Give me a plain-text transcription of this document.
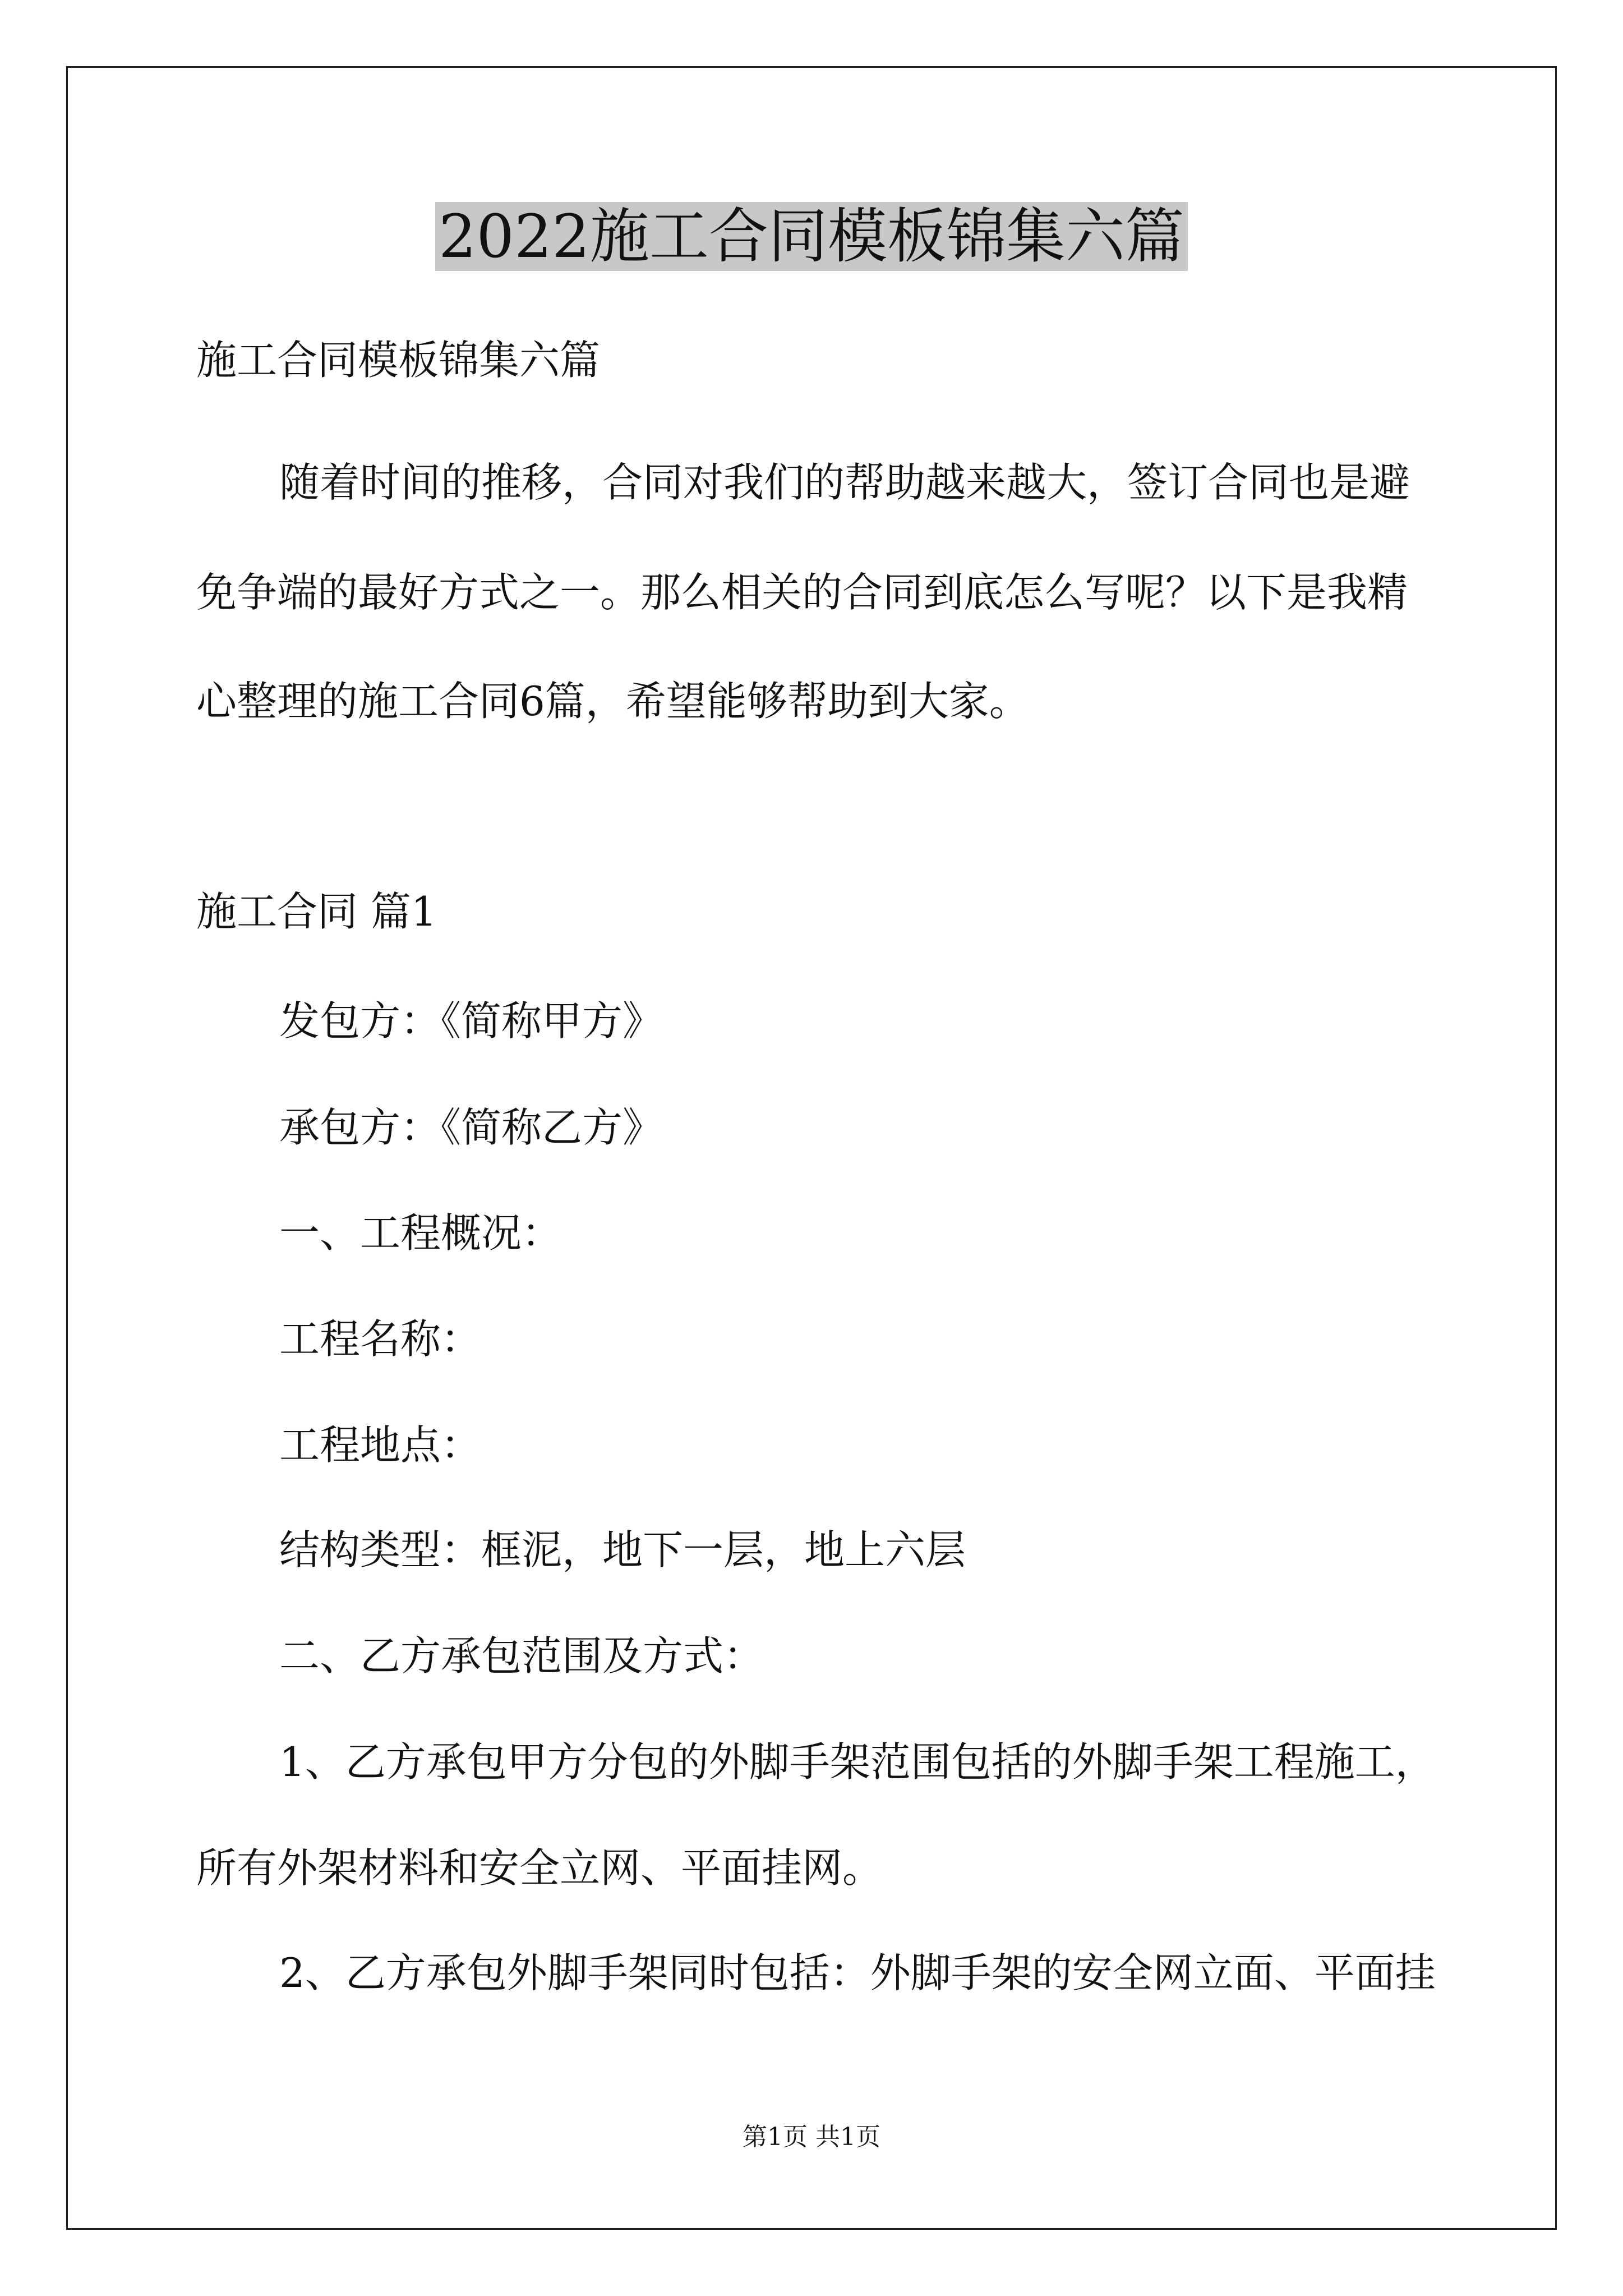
2022施工合同模板锦集六篇
施工合同模板锦集六篇
随着时间的推移，合同对我们的帮助越来越大，签订合同也是避
免争端的最好方式之一。那么相关的合同到底怎么写呢？以下是我精
心整理的施工合同6篇，希望能够帮助到大家。
施工合同 篇1
发包方：《简称甲方》
承包方：《简称乙方》
一、工程概况：
工程名称：
工程地点：
结构类型：框泥，地下一层，地上六层
二、乙方承包范围及方式：
1、乙方承包甲方分包的外脚手架范围包括的外脚手架工程施工，
所有外架材料和安全立网、平面挂网。
2、乙方承包外脚手架同时包括：外脚手架的安全网立面、平面挂
第1页 共1页
